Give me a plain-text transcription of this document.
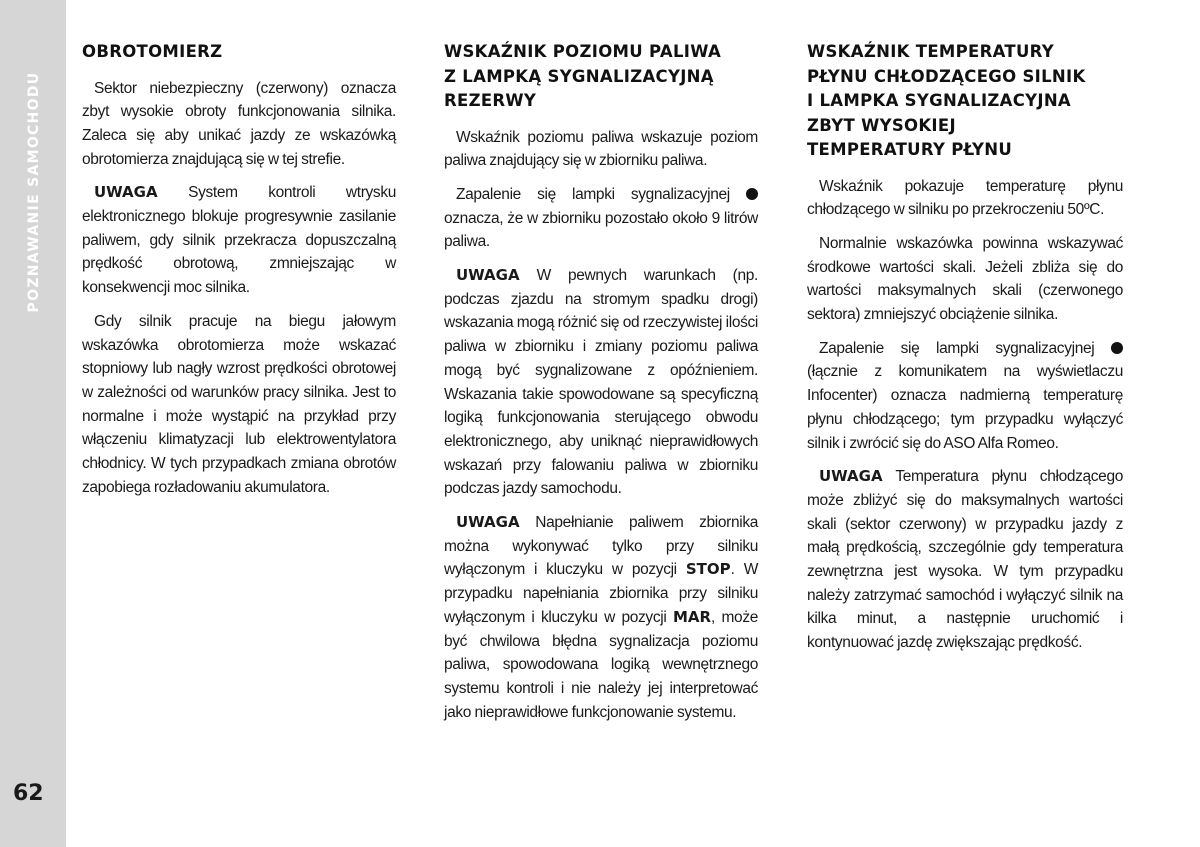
POZNAWANIE SAMOCHODU
62
OBROTOMIERZ

Sektor niebezpieczny (czerwony) oznacza zbyt wysokie obroty funkcjonowania silnika. Zaleca się aby unikać jazdy ze wskazówką obrotomierza znajdującą się w tej strefie.

UWAGA System kontroli wtrysku elektronicznego blokuje progresywnie zasilanie paliwem, gdy silnik przekracza dopuszczalną prędkość obrotową, zmniejszając w konsekwencji moc silnika.

Gdy silnik pracuje na biegu jałowym wskazówka obrotomierza może wskazać stopniowy lub nagły wzrost prędkości obrotowej w zależności od warunków pracy silnika. Jest to normalne i może wystąpić na przykład przy włączeniu klimatyzacji lub elektrowentylatora chłodnicy. W tych przypadkach zmiana obrotów zapobiega rozładowaniu akumulatora.

WSKAŹNIK POZIOMU PALIWA
Z LAMPKĄ SYGNALIZACYJNĄ
REZERWY

Wskaźnik poziomu paliwa wskazuje poziom paliwa znajdujący się w zbiorniku paliwa.

Zapalenie się lampki sygnalizacyjnej  oznacza, że w zbiorniku pozostało około 9 litrów paliwa.

UWAGA W pewnych warunkach (np. podczas zjazdu na stromym spadku drogi) wskazania mogą różnić się od rzeczywistej ilości paliwa w zbiorniku i zmiany poziomu paliwa mogą być sygnalizowane z opóźnieniem. Wskazania takie spowodowane są specyficzną logiką funkcjonowania sterującego obwodu elektronicznego, aby uniknąć nieprawidłowych wskazań przy falowaniu paliwa w zbiorniku podczas jazdy samochodu.

UWAGA Napełnianie paliwem zbiornika można wykonywać tylko przy silniku wyłączonym i kluczyku w pozycji STOP. W przypadku napełniania zbiornika przy silniku wyłączonym i kluczyku w pozycji MAR, może być chwilowa błędna sygnalizacja poziomu paliwa, spowodowana logiką wewnętrznego systemu kontroli i nie należy jej interpretować jako nieprawidłowe funkcjonowanie systemu.

WSKAŹNIK TEMPERATURY
PŁYNU CHŁODZĄCEGO SILNIK
I LAMPKA SYGNALIZACYJNA
ZBYT WYSOKIEJ
TEMPERATURY PŁYNU

Wskaźnik pokazuje temperaturę płynu chłodzącego w silniku po przekroczeniu 50ºC.

Normalnie wskazówka powinna wskazywać środkowe wartości skali. Jeżeli zbliża się do wartości maksymalnych skali (czerwonego sektora) zmniejszyć obciążenie silnika.

Zapalenie się lampki sygnalizacyjnej  (łącznie z komunikatem na wyświetlaczu Infocenter) oznacza nadmierną temperaturę płynu chłodzącego; tym przypadku wyłączyć silnik i zwrócić się do ASO Alfa Romeo.

UWAGA Temperatura płynu chłodzącego może zbliżyć się do maksymalnych wartości skali (sektor czerwony) w przypadku jazdy z małą prędkością, szczególnie gdy temperatura zewnętrzna jest wysoka. W tym przypadku należy zatrzymać samochód i wyłączyć silnik na kilka minut, a następnie uruchomić i kontynuować jazdę zwiększając prędkość.
